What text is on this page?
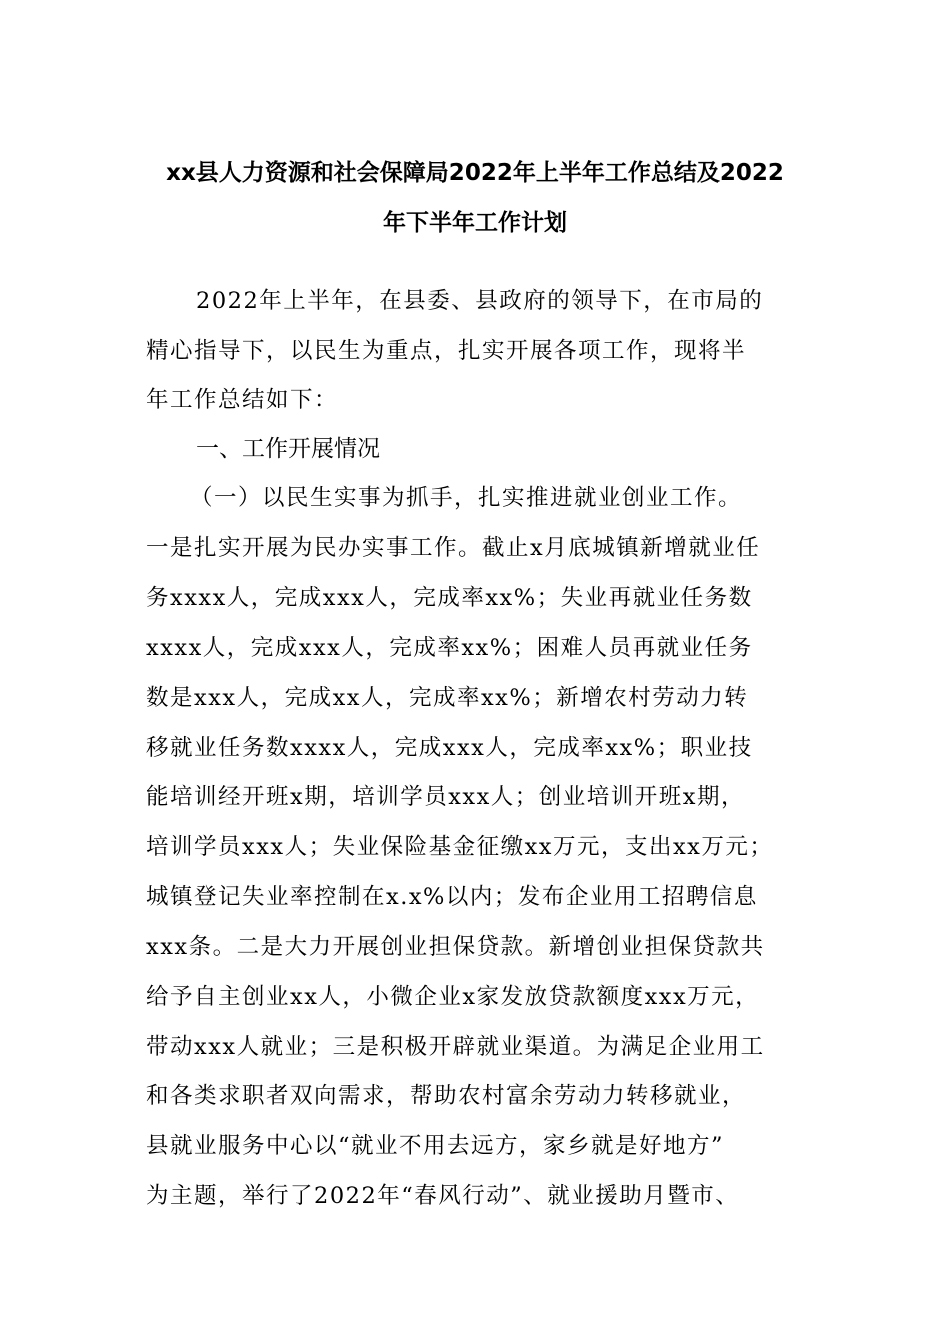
xx县人力资源和社会保障局2022年上半年工作总结及2022
年下半年工作计划
2022年上半年，在县委、县政府的领导下，在市局的
精心指导下，以民生为重点，扎实开展各项工作，现将半
年工作总结如下：
一、工作开展情况
（一）以民生实事为抓手，扎实推进就业创业工作。
一是扎实开展为民办实事工作。截止x月底城镇新增就业任
务xxxx人，完成xxx人，完成率xx%；失业再就业任务数
xxxx人，完成xxx人，完成率xx%；困难人员再就业任务
数是xxx人，完成xx人，完成率xx%；新增农村劳动力转
移就业任务数xxxx人，完成xxx人，完成率xx%；职业技
能培训经开班x期，培训学员xxx人；创业培训开班x期，
培训学员xxx人；失业保险基金征缴xx万元，支出xx万元；
城镇登记失业率控制在x.x%以内；发布企业用工招聘信息
xxx条。二是大力开展创业担保贷款。新增创业担保贷款共
给予自主创业xx人，小微企业x家发放贷款额度xxx万元，
带动xxx人就业；三是积极开辟就业渠道。为满足企业用工
和各类求职者双向需求，帮助农村富余劳动力转移就业，
县就业服务中心以“就业不用去远方，家乡就是好地方”
为主题，举行了2022年“春风行动”、就业援助月暨市、
